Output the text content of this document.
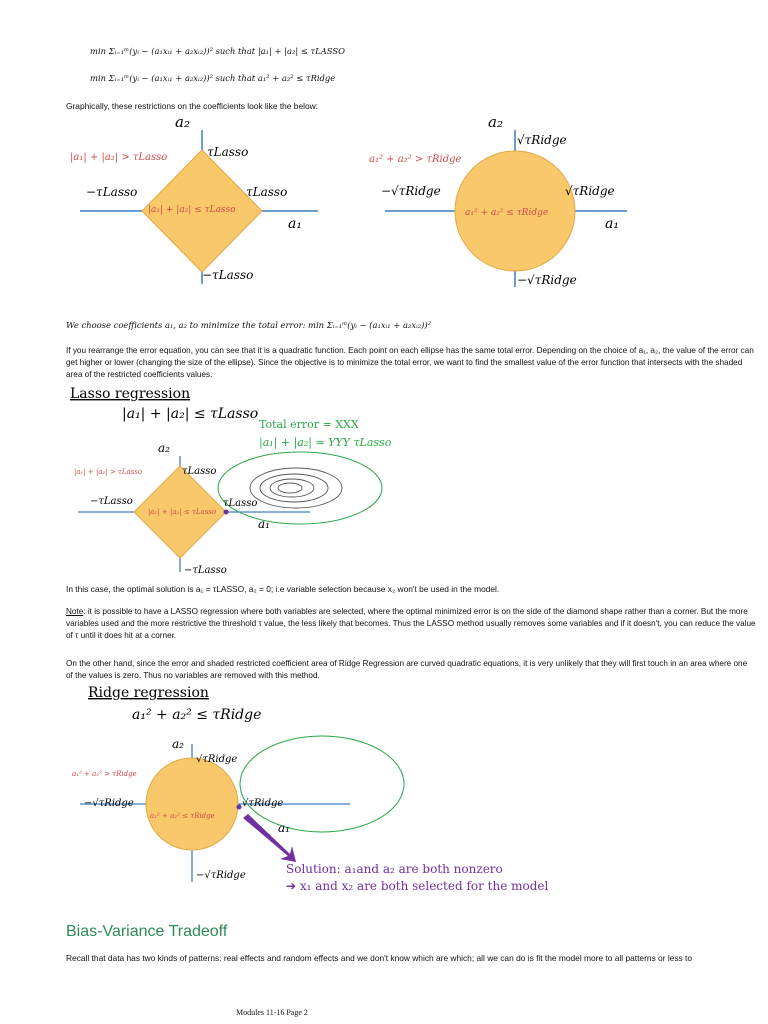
min Σᵢ₌₁ᵐ(yᵢ − (a₁xᵢ₁ + a₂xᵢ₂))² such that |a₁| + |a₂| ≤ τLASSO
min Σᵢ₌₁ᵐ(yᵢ − (a₁xᵢ₁ + a₂xᵢ₂))² such that a₁² + a₂² ≤ τRidge
Graphically, these restrictions on the coefficients look like the below:
a₂
a₁
τLasso
−τLasso	τLasso
−τLasso
|a₁| + |a₂| > τLasso
|a₁| + |a₂| ≤ τLasso
a₂
a₁
√τRidge
−√τRidge	√τRidge
−√τRidge
a₁² + a₂² > τRidge
a₁² + a₂² ≤ τRidge
We choose coefficients a₁, a₂ to minimize the total error: min Σᵢ₌₁ᵐ(yᵢ − (a₁xᵢ₁ + a₂xᵢ₂))²
If you rearrange the error equation, you can see that it is a quadratic function. Each point on each ellipse has the same total error. Depending on the choice of a₁, a₂, the value of the error can get higher or lower (changing the size of the ellipse). Since the objective is to minimize the total error, we want to find the smallest value of the error function that intersects with the shaded area of the restricted coefficients values.
Lasso regression
|a₁| + |a₂| ≤ τLasso
Total error = XXX
|a₁| + |a₂| = YYY τLasso
a₂
a₁
τLasso
−τLasso	τLasso
−τLasso
|a₁| + |a₂| > τLasso
|a₁| + |a₂| ≤ τLasso
In this case, the optimal solution is a₁ = τLASSO, a₂ = 0; i.e variable selection because x₂ won't be used in the model.
Note: it is possible to have a LASSO regression where both variables are selected, where the optimal minimized error is on the side of the diamond shape rather than a corner. But the more variables used and the more restrictive the threshold τ value, the less likely that becomes. Thus the LASSO method usually removes some variables and if it doesn't, you can reduce the value of τ until it does hit at a corner.
On the other hand, since the error and shaded restricted coefficient area of Ridge Regression are curved quadratic equations, it is very unlikely that they will first touch in an area where one of the values is zero. Thus no variables are removed with this method.
Ridge regression
a₁² + a₂² ≤ τRidge
a₂
a₁
√τRidge
−√τRidge	√τRidge
−√τRidge
a₁² + a₂² > τRidge
a₁² + a₂² ≤ τRidge
Solution: a₁and a₂ are both nonzero
➔ x₁ and x₂ are both selected for the model
Bias-Variance Tradeoff
Recall that data has two kinds of patterns: real effects and random effects and we don't know which are which; all we can do is fit the model more to all patterns or less to
Modules 11-16 Page 2
